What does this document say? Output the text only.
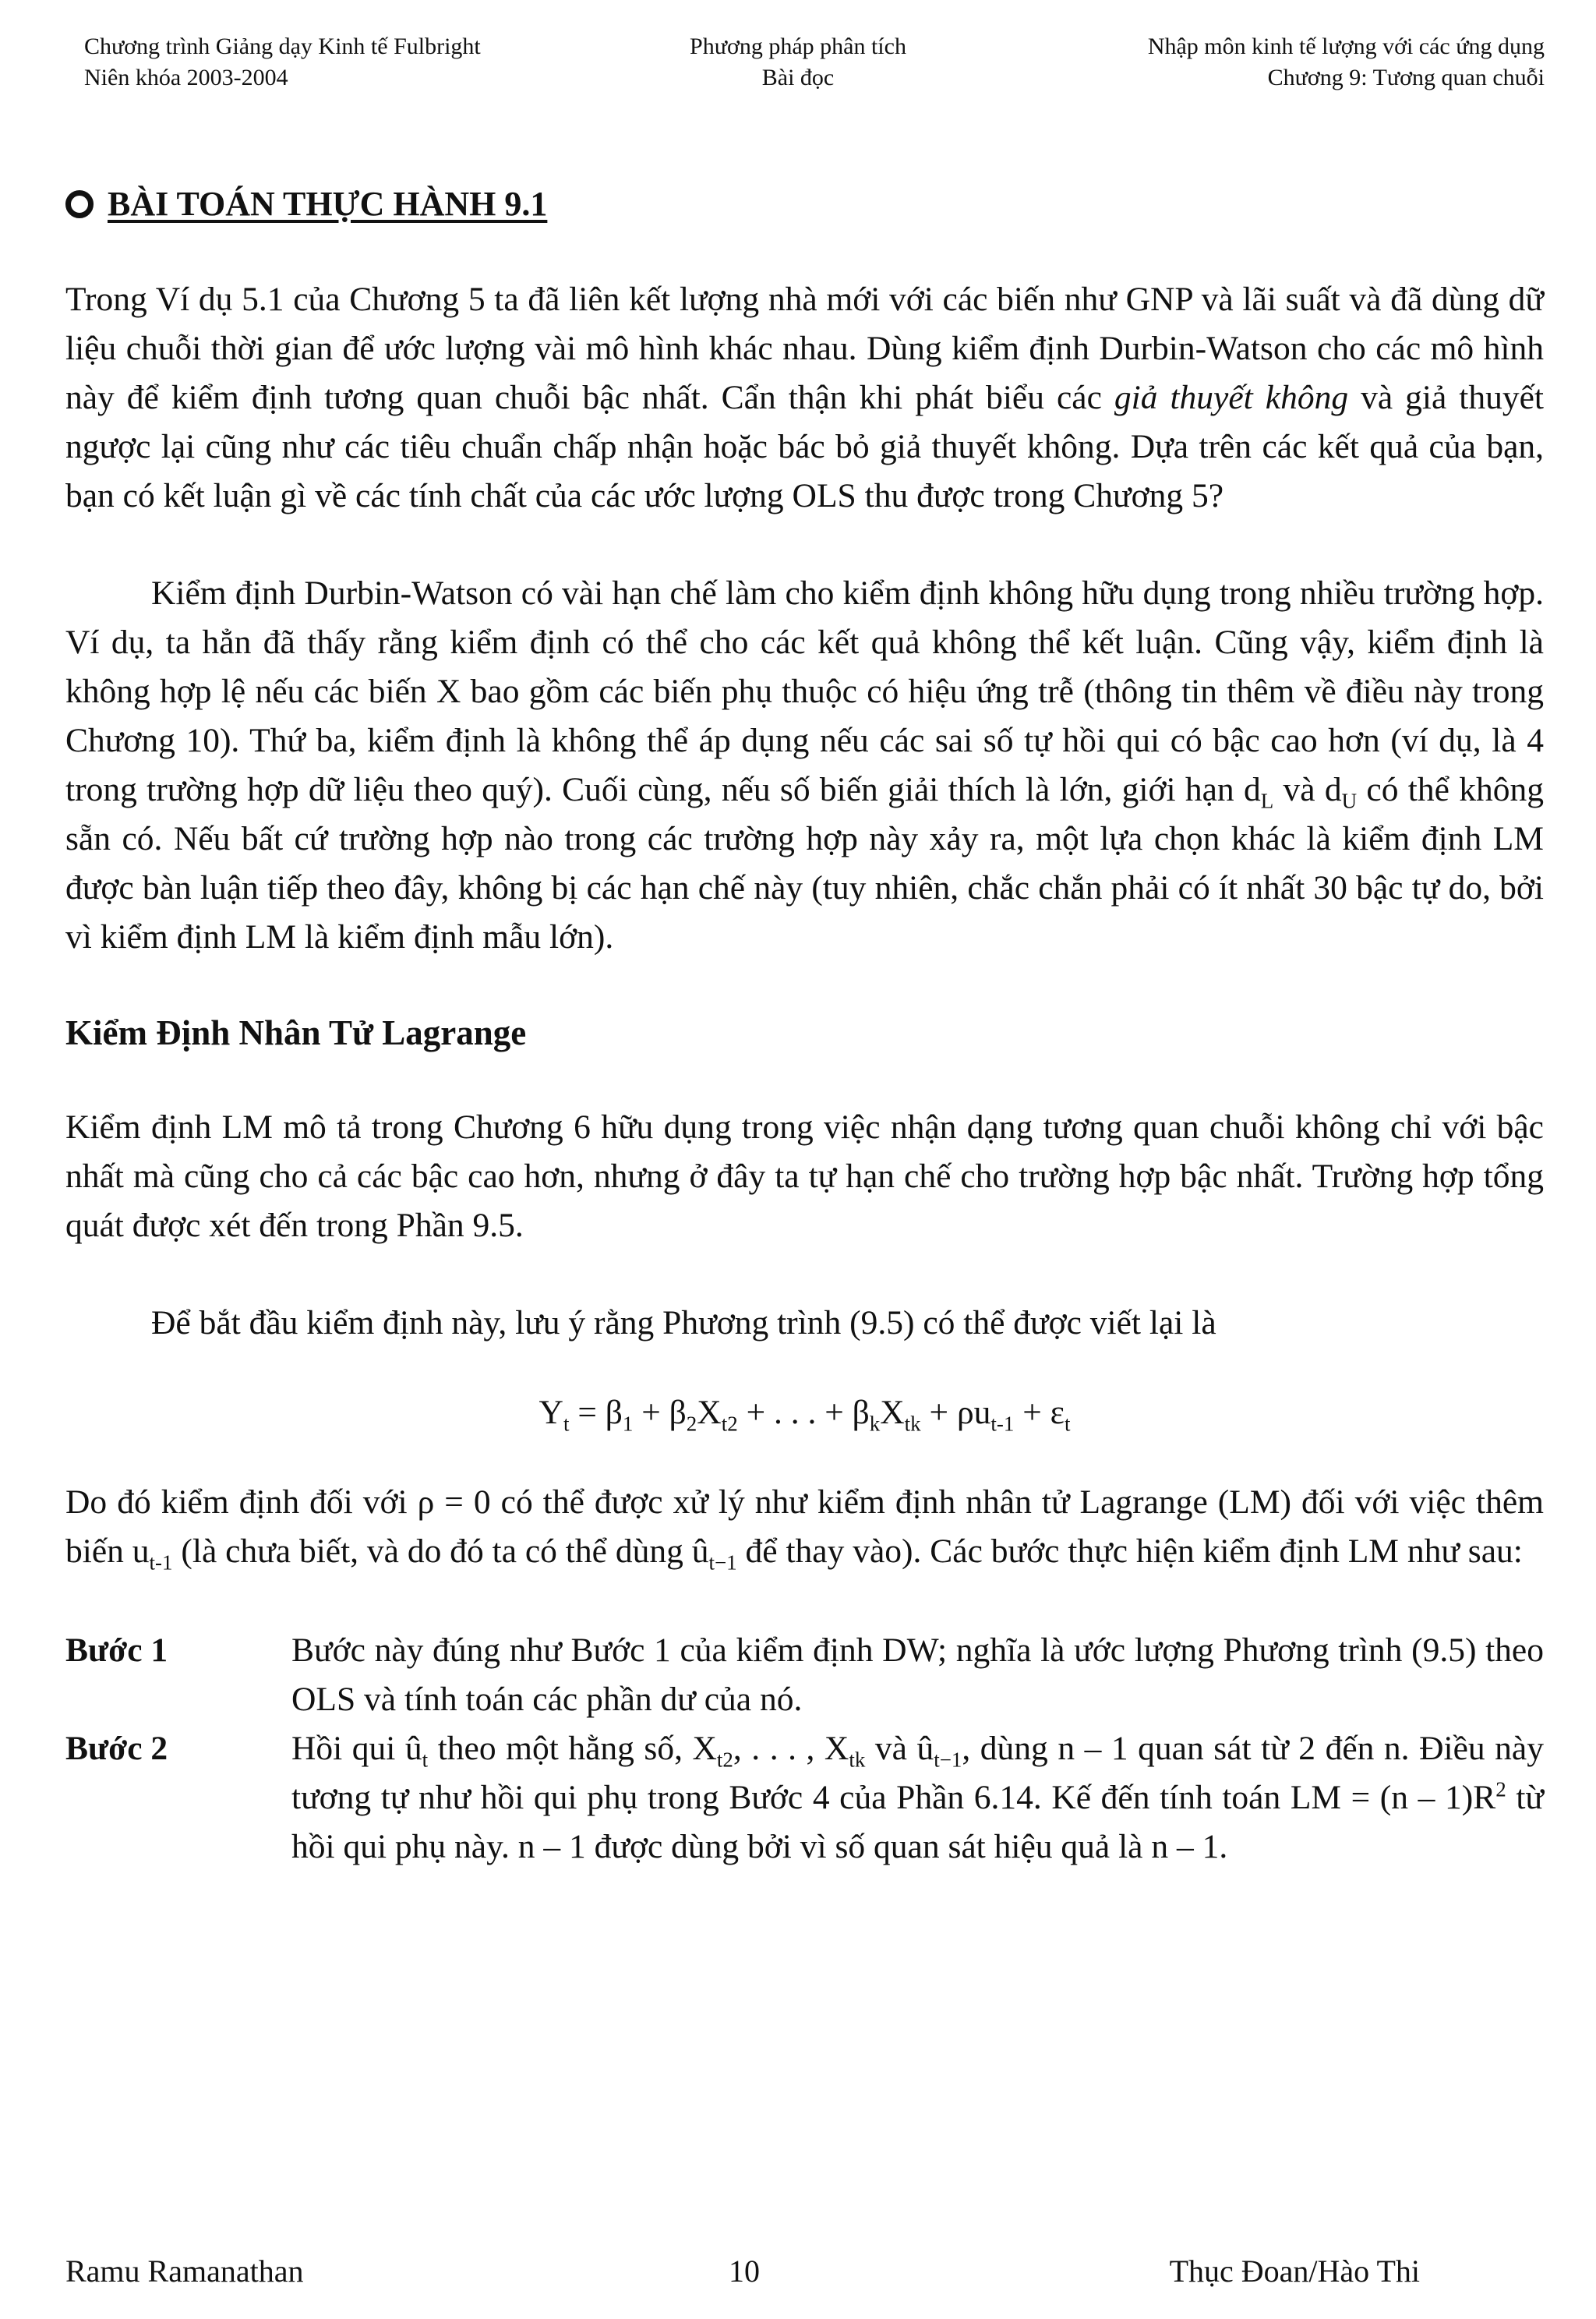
Chương trình Giảng dạy Kinh tế Fulbright
Niên khóa 2003-2004
Phương pháp phân tích
Bài đọc
Nhập môn kinh tế lượng với các ứng dụng
Chương 9: Tương quan chuỗi
BÀI TOÁN THỰC HÀNH 9.1

Trong Ví dụ 5.1 của Chương 5 ta đã liên kết lượng nhà mới với các biến như GNP và lãi suất và đã dùng dữ liệu chuỗi thời gian để ước lượng vài mô hình khác nhau. Dùng kiểm định Durbin-Watson cho các mô hình này để kiểm định tương quan chuỗi bậc nhất. Cẩn thận khi phát biểu các giả thuyết không và giả thuyết ngược lại cũng như các tiêu chuẩn chấp nhận hoặc bác bỏ giả thuyết không. Dựa trên các kết quả của bạn, bạn có kết luận gì về các tính chất của các ước lượng OLS thu được trong Chương 5?

Kiểm định Durbin-Watson có vài hạn chế làm cho kiểm định không hữu dụng trong nhiều trường hợp. Ví dụ, ta hẳn đã thấy rằng kiểm định có thể cho các kết quả không thể kết luận. Cũng vậy, kiểm định là không hợp lệ nếu các biến X bao gồm các biến phụ thuộc có hiệu ứng trễ (thông tin thêm về điều này trong Chương 10). Thứ ba, kiểm định là không thể áp dụng nếu các sai số tự hồi qui có bậc cao hơn (ví dụ, là 4 trong trường hợp dữ liệu theo quý). Cuối cùng, nếu số biến giải thích là lớn, giới hạn $d_L$ và $d_U$ có thể không sẵn có. Nếu bất cứ trường hợp nào trong các trường hợp này xảy ra, một lựa chọn khác là kiểm định LM được bàn luận tiếp theo đây, không bị các hạn chế này (tuy nhiên, chắc chắn phải có ít nhất 30 bậc tự do, bởi vì kiểm định LM là kiểm định mẫu lớn).

Kiểm Định Nhân Tử Lagrange

Kiểm định LM mô tả trong Chương 6 hữu dụng trong việc nhận dạng tương quan chuỗi không chỉ với bậc nhất mà cũng cho cả các bậc cao hơn, nhưng ở đây ta tự hạn chế cho trường hợp bậc nhất. Trường hợp tổng quát được xét đến trong Phần 9.5.

Để bắt đầu kiểm định này, lưu ý rằng Phương trình (9.5) có thể được viết lại là

$Y_t = \beta_1 + \beta_2X_{t2}$ + . . . + $\beta_kX_{tk} + \rho u_{t-1} + \varepsilon_t$

Do đó kiểm định đối với ρ = 0 có thể được xử lý như kiểm định nhân tử Lagrange (LM) đối với việc thêm biến $u_{t-1}$ (là chưa biết, và do đó ta có thể dùng $û_{t-1}$ để thay vào). Các bước thực hiện kiểm định LM như sau:

Bước 1	Bước này đúng như Bước 1 của kiểm định DW; nghĩa là ước lượng Phương trình (9.5) theo OLS và tính toán các phần dư của nó.
Bước 2	Hồi qui $û_t$ theo một hằng số, $X_{t2}$, . . . , $X_{tk}$ và $û_{t-1}$, dùng n – 1 quan sát từ 2 đến n. Điều này tương tự như hồi qui phụ trong Bước 4 của Phần 6.14. Kế đến tính toán LM = $(n - 1)R^2$ từ hồi qui phụ này. n – 1 được dùng bởi vì số quan sát hiệu quả là n – 1.
Ramu Ramanathan	10	Thục Đoan/Hào Thi
